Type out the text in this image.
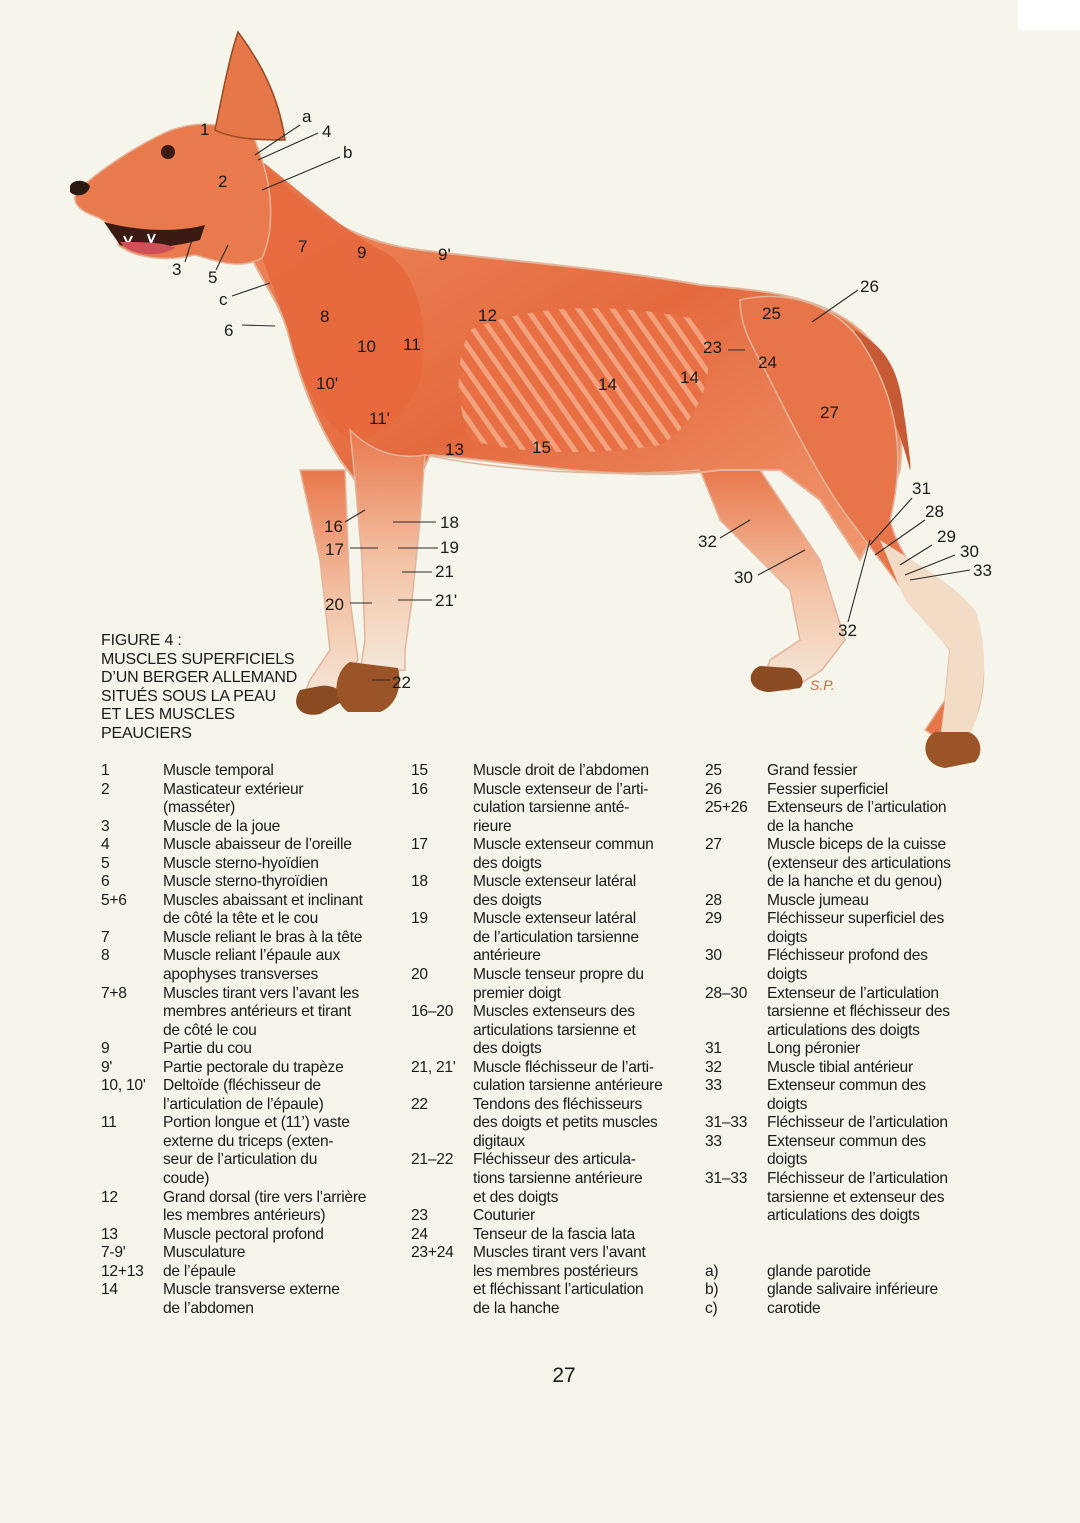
S.P.
1
2
3
4
5
6
a
b
c
7
8
9	9'
10
10'
11
11'
12
13
14	14
15
16
17
18
19
20
21
21'
22
23
24
25
26
27
28
29
30
30
31
32
32
33
FIGURE 4 :
MUSCLES SUPERFICIELS
D’UN BERGER ALLEMAND
SITUÉS SOUS LA PEAU
ET LES MUSCLES
PEAUCIERS
1	Muscle temporal
2	Masticateur extérieur
(masséter)
3	Muscle de la joue
4	Muscle abaisseur de l’oreille
5	Muscle sterno-hyoïdien
6	Muscle sterno-thyroïdien
5+6	Muscles abaissant et inclinant
de côté la tête et le cou
7	Muscle reliant le bras à la tête
8	Muscle reliant l’épaule aux
apophyses transverses
7+8	Muscles tirant vers l’avant les
membres antérieurs et tirant
de côté le cou
9	Partie du cou
9'	Partie pectorale du trapèze
10, 10'	Deltoïde (fléchisseur de
l’articulation de l’épaule)
11	Portion longue et (11’) vaste
externe du triceps (exten-
seur de l’articulation du
coude)
12	Grand dorsal (tire vers l’arrière
les membres antérieurs)
13	Muscle pectoral profond
7-9'	Musculature
12+13	de l’épaule
14	Muscle transverse externe
de l’abdomen
15	Muscle droit de l’abdomen
16	Muscle extenseur de l’arti-
culation tarsienne anté-
rieure
17	Muscle extenseur commun
des doigts
18	Muscle extenseur latéral
des doigts
19	Muscle extenseur latéral
de l’articulation tarsienne
antérieure
20	Muscle tenseur propre du
premier doigt
16–20	Muscles extenseurs des
articulations tarsienne et
des doigts
21, 21'	Muscle fléchisseur de l’arti-
culation tarsienne antérieure
22	Tendons des fléchisseurs
des doigts et petits muscles
digitaux
21–22	Fléchisseur des articula-
tions tarsienne antérieure
et des doigts
23	Couturier
24	Tenseur de la fascia lata
23+24	Muscles tirant vers l’avant
les membres postérieurs
et fléchissant l’articulation
de la hanche
25	Grand fessier
26	Fessier superficiel
25+26	Extenseurs de l’articulation
de la hanche
27	Muscle biceps de la cuisse
(extenseur des articulations
de la hanche et du genou)
28	Muscle jumeau
29	Fléchisseur superficiel des
doigts
30	Fléchisseur profond des
doigts
28–30	Extenseur de l’articulation
tarsienne et fléchisseur des
articulations des doigts
31	Long péronier
32	Muscle tibial antérieur
33	Extenseur commun des
doigts
31–33	Fléchisseur de l’articulation
33	Extenseur commun des
doigts
31–33	Fléchisseur de l’articulation
tarsienne et extenseur des
articulations des doigts
a)	glande parotide
b)	glande salivaire inférieure
c)	carotide
27
